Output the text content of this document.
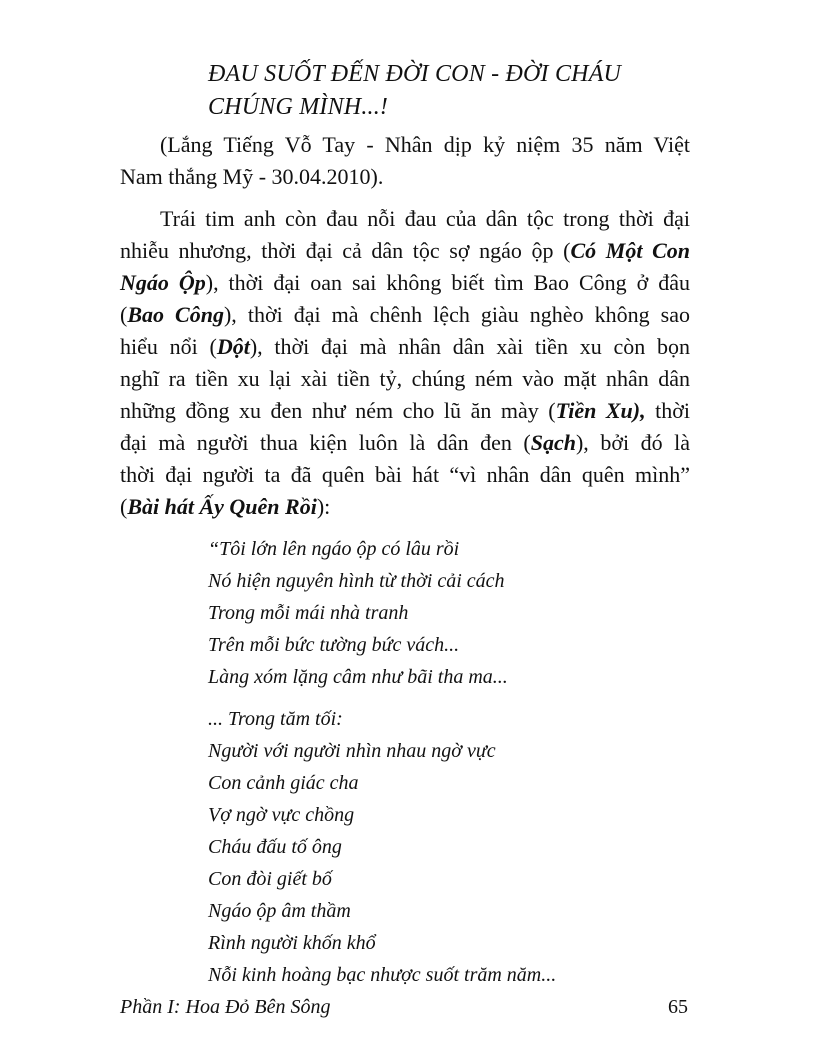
ĐAU SUỐT ĐẾN ĐỜI CON - ĐỜI CHÁU
CHÚNG MÌNH...!
(Lắng Tiếng Vỗ Tay - Nhân dịp kỷ niệm 35 năm Việt
Nam thắng Mỹ - 30.04.2010).
Trái tim anh còn đau nỗi đau của dân tộc trong thời đại
nhiễu nhương, thời đại cả dân tộc sợ ngáo ộp (Có Một Con
Ngáo Ộp), thời đại oan sai không biết tìm Bao Công ở đâu
(Bao Công), thời đại mà chênh lệch giàu nghèo không sao
hiểu nổi (Dột), thời đại mà nhân dân xài tiền xu còn bọn
nghĩ ra tiền xu lại xài tiền tỷ, chúng ném vào mặt nhân dân
những đồng xu đen như ném cho lũ ăn mày (Tiền Xu), thời
đại mà người thua kiện luôn là dân đen (Sạch), bởi đó là
thời đại người ta đã quên bài hát “vì nhân dân quên mình”
(Bài hát Ấy Quên Rồi):
“Tôi lớn lên ngáo ộp có lâu rồi
Nó hiện nguyên hình từ thời cải cách
Trong mỗi mái nhà tranh
Trên mỗi bức tường bức vách...
Làng xóm lặng câm như bãi tha ma...
... Trong tăm tối:
Người với người nhìn nhau ngờ vực
Con cảnh giác cha
Vợ ngờ vực chồng
Cháu đấu tố ông
Con đòi giết bố
Ngáo ộp âm thầm
Rình người khốn khổ
Nỗi kinh hoàng bạc nhược suốt trăm năm...
Phần I: Hoa Đỏ Bên Sông	65
